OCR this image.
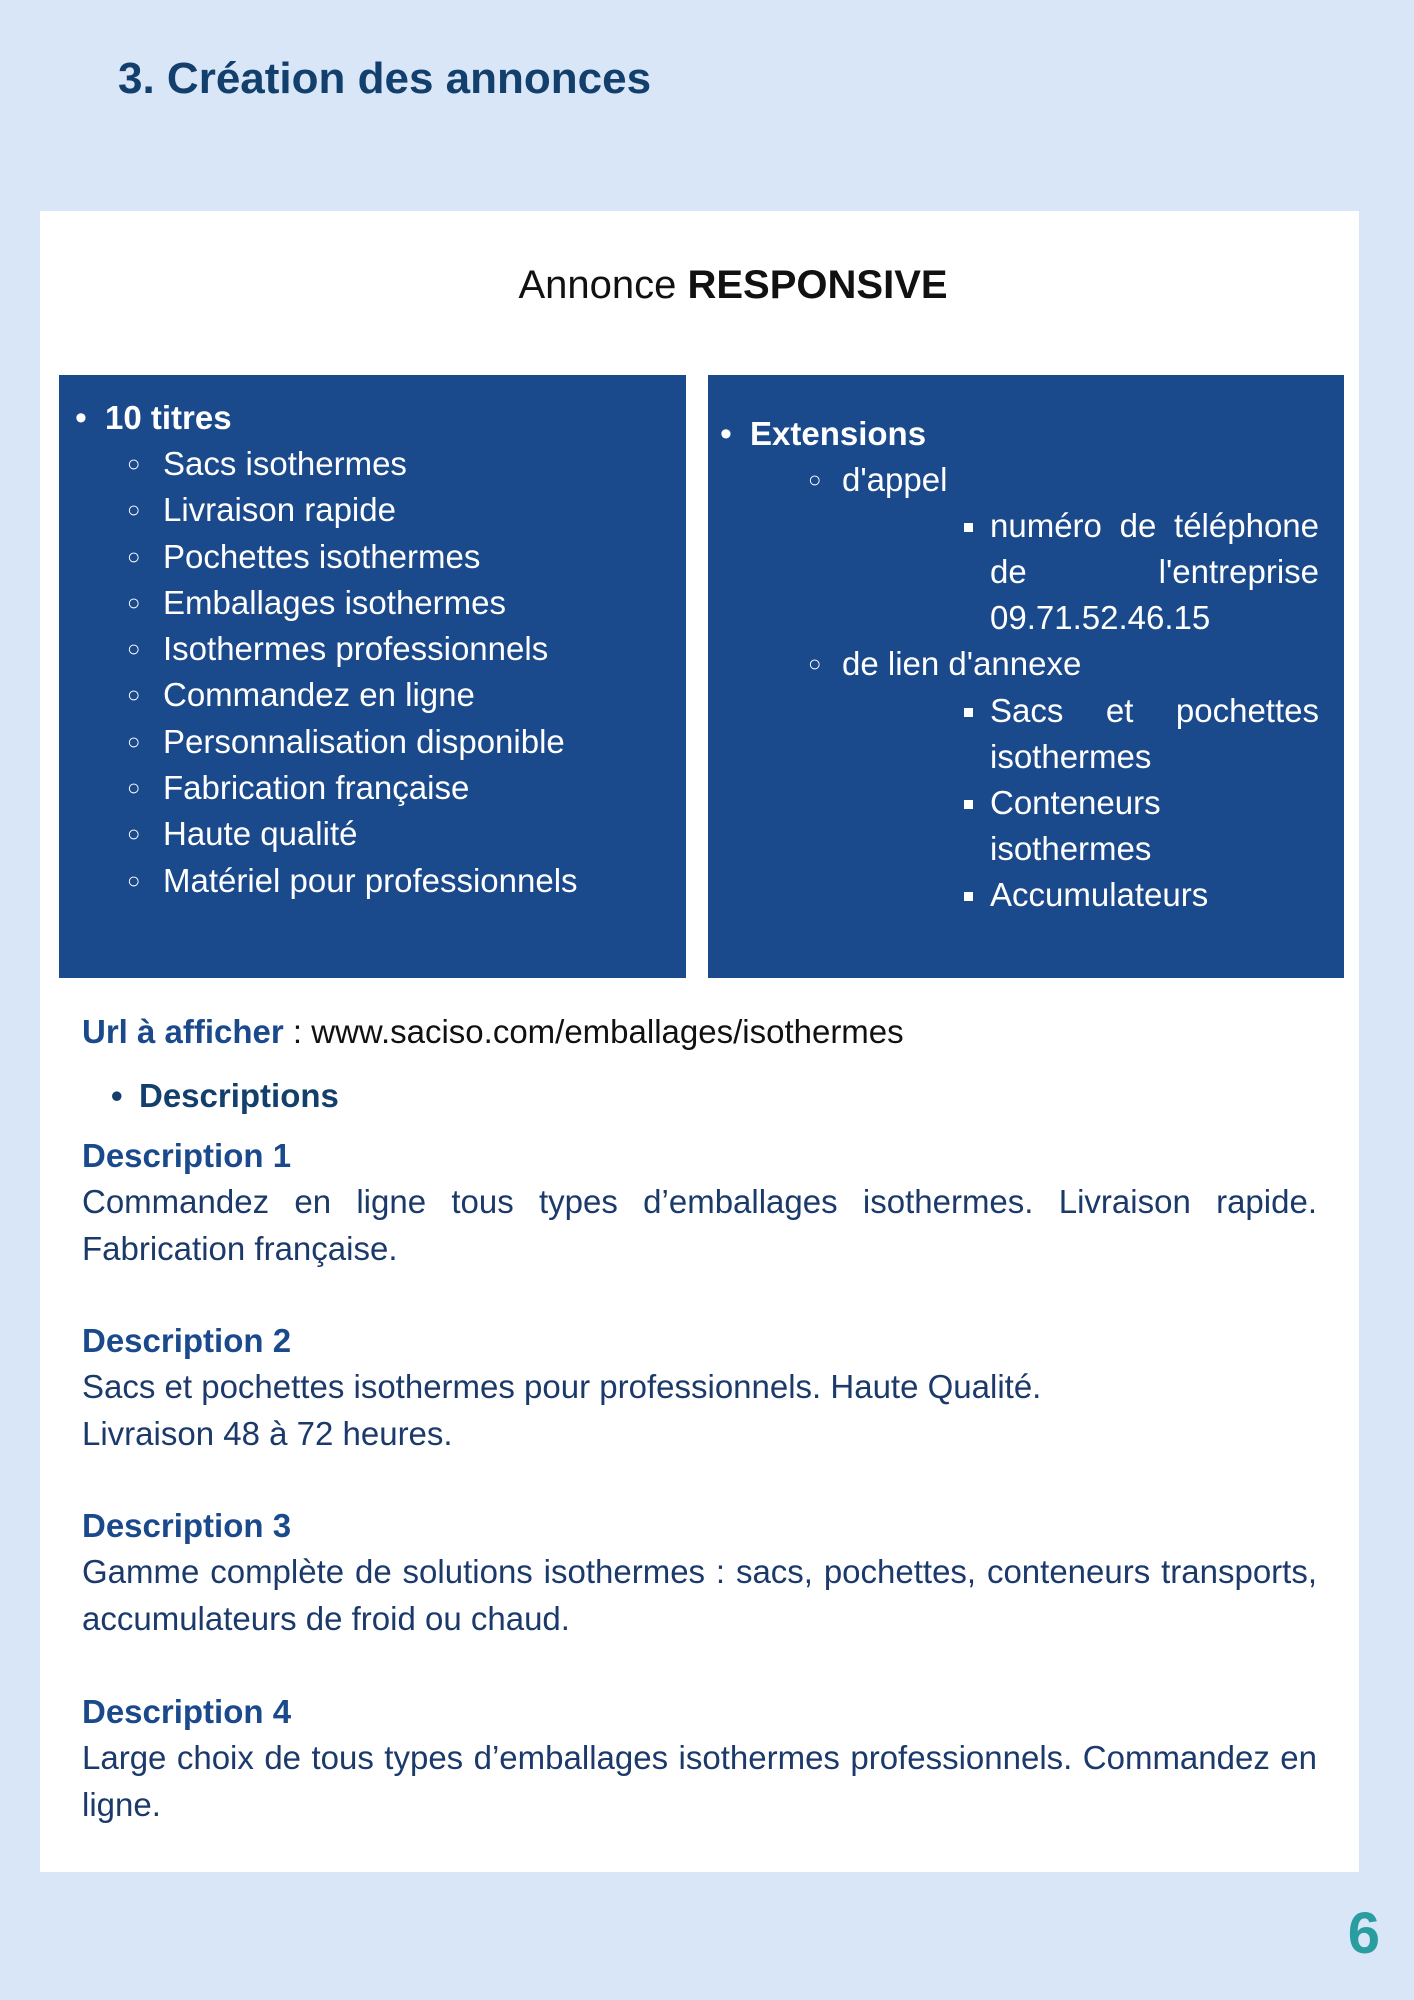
3. Création des annonces

Annonce RESPONSIVE

• 10 titres
○ Sacs isothermes
○ Livraison rapide
○ Pochettes isothermes
○ Emballages isothermes
○ Isothermes professionnels
○ Commandez en ligne
○ Personnalisation disponible
○ Fabrication française
○ Haute qualité
○ Matériel pour professionnels
• Extensions
○ d'appel
numéro de téléphone de l'entreprise 09.71.52.46.15
○ de lien d'annexe
Sacs et pochettes isothermes
Conteneurs isothermes
Accumulateurs

Url à afficher : www.saciso.com/emballages/isothermes

• Descriptions

Description 1

Commandez en ligne tous types d’emballages isothermes. Livraison rapide. Fabrication française.

Description 2

Sacs et pochettes isothermes pour professionnels. Haute Qualité.

Livraison 48 à 72 heures.

Description 3

Gamme complète de solutions isothermes : sacs, pochettes, conteneurs transports, accumulateurs de froid ou chaud.

Description 4

Large choix de tous types d’emballages isothermes professionnels. Commandez en ligne.

6
